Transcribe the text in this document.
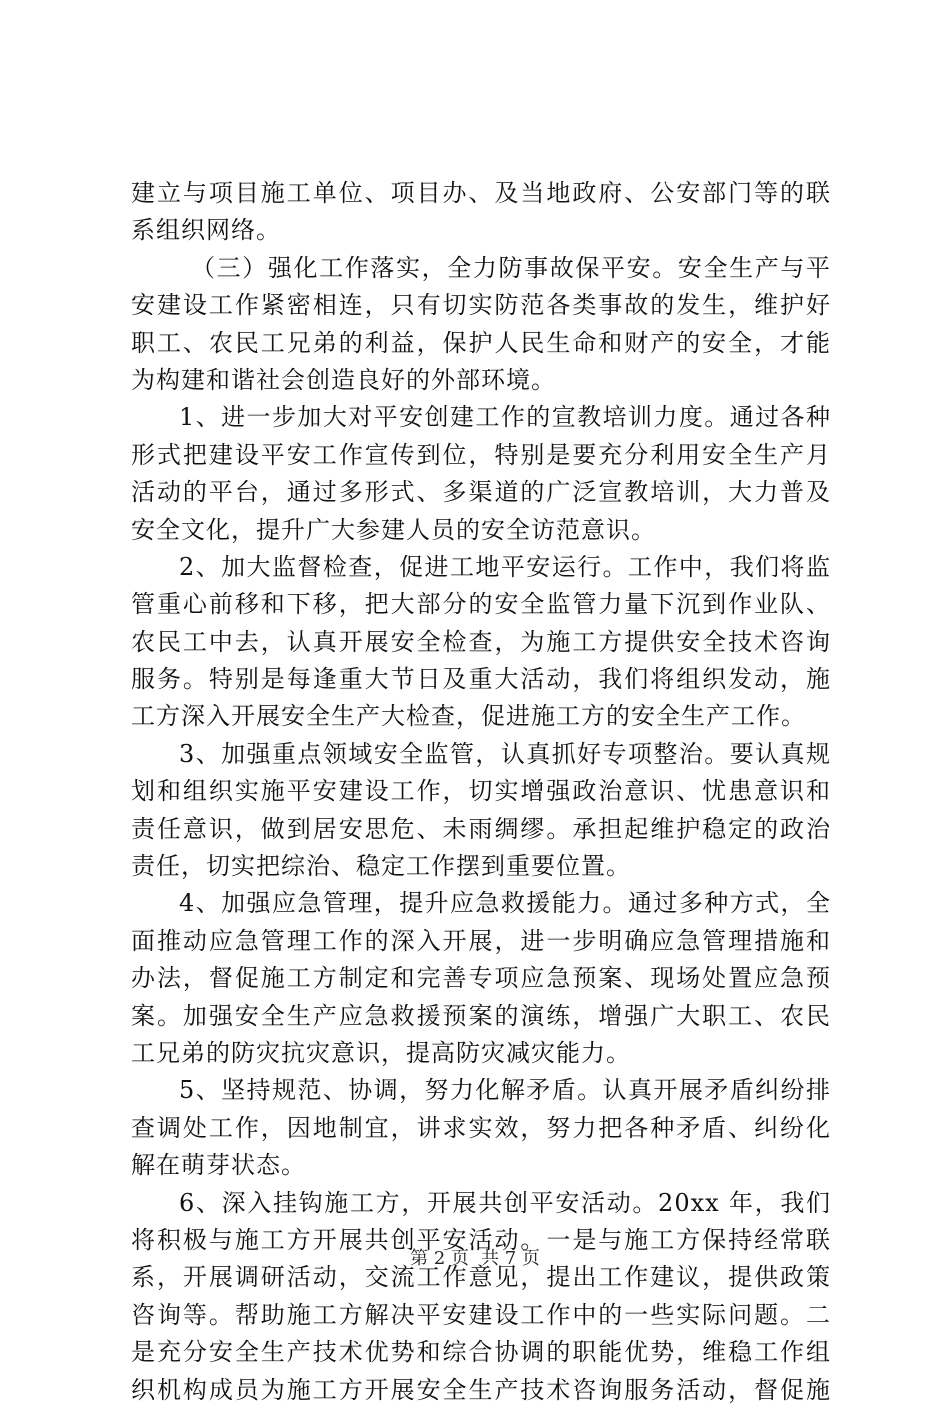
建立与项目施工单位、项目办、及当地政府、公安部门等的联
系组织网络。
（三）强化工作落实，全力防事故保平安。安全生产与平
安建设工作紧密相连，只有切实防范各类事故的发生，维护好
职工、农民工兄弟的利益，保护人民生命和财产的安全，才能
为构建和谐社会创造良好的外部环境。
1、进一步加大对平安创建工作的宣教培训力度。通过各种
形式把建设平安工作宣传到位，特别是要充分利用安全生产月
活动的平台，通过多形式、多渠道的广泛宣教培训，大力普及
安全文化，提升广大参建人员的安全访范意识。
2、加大监督检查，促进工地平安运行。工作中，我们将监
管重心前移和下移，把大部分的安全监管力量下沉到作业队、
农民工中去，认真开展安全检查，为施工方提供安全技术咨询
服务。特别是每逢重大节日及重大活动，我们将组织发动，施
工方深入开展安全生产大检查，促进施工方的安全生产工作。
3、加强重点领域安全监管，认真抓好专项整治。要认真规
划和组织实施平安建设工作，切实增强政治意识、忧患意识和
责任意识，做到居安思危、未雨绸缪。承担起维护稳定的政治
责任，切实把综治、稳定工作摆到重要位置。
4、加强应急管理，提升应急救援能力。通过多种方式，全
面推动应急管理工作的深入开展，进一步明确应急管理措施和
办法，督促施工方制定和完善专项应急预案、现场处置应急预
案。加强安全生产应急救援预案的演练，增强广大职工、农民
工兄弟的防灾抗灾意识，提高防灾减灾能力。
5、坚持规范、协调，努力化解矛盾。认真开展矛盾纠纷排
查调处工作，因地制宜，讲求实效，努力把各种矛盾、纠纷化
解在萌芽状态。
6、深入挂钩施工方，开展共创平安活动。20xx 年，我们
将积极与施工方开展共创平安活动。一是与施工方保持经常联
系，开展调研活动，交流工作意见，提出工作建议，提供政策
咨询等。帮助施工方解决平安建设工作中的一些实际问题。二
是充分安全生产技术优势和综合协调的职能优势，维稳工作组
织机构成员为施工方开展安全生产技术咨询服务活动，督促施
第 2 页 共 7 页
